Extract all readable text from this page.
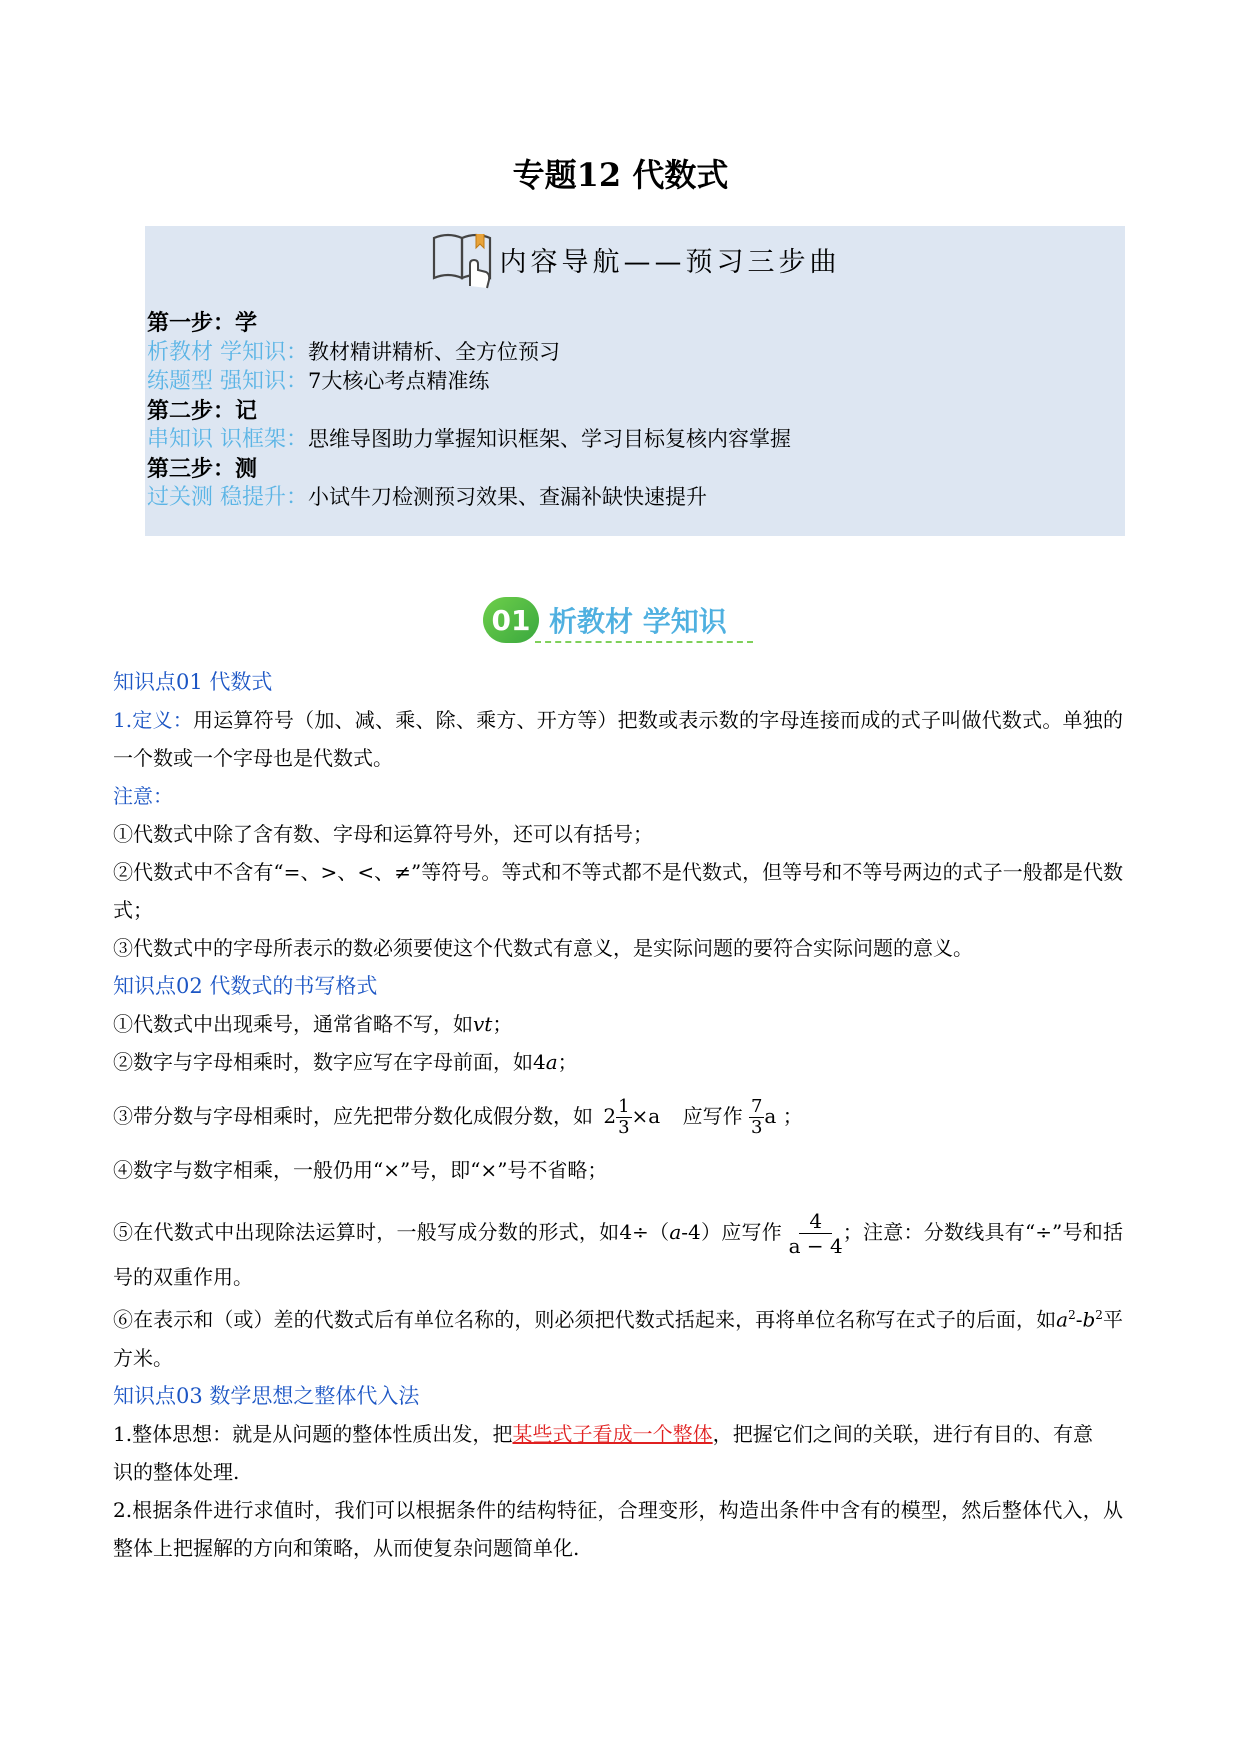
专题12 代数式
内容导航——预习三步曲
第一步：学
析教材 学知识：教材精讲精析、全方位预习
练题型 强知识：7大核心考点精准练
第二步：记
串知识 识框架：思维导图助力掌握知识框架、学习目标复核内容掌握
第三步：测
过关测 稳提升：小试牛刀检测预习效果、查漏补缺快速提升
01 析教材 学知识

知识点01 代数式

1.定义：用运算符号（加、减、乘、除、乘方、开方等）把数或表示数的字母连接而成的式子叫做代数式。单独的一个数或一个字母也是代数式。

注意：

①代数式中除了含有数、字母和运算符号外，还可以有括号；

②代数式中不含有“=、>、<、≠”等符号。等式和不等式都不是代数式，但等号和不等号两边的式子一般都是代数式；

③代数式中的字母所表示的数必须要使这个代数式有意义，是实际问题的要符合实际问题的意义。

知识点02 代数式的书写格式

①代数式中出现乘号，通常省略不写，如vt；

②数字与字母相乘时，数字应写在字母前面，如4a；

③带分数与字母相乘时，应先把带分数化成假分数，如 $2 \frac{1}{3} \times a$ 应写作 $\frac{7}{3}$ a ；

④数字与数字相乘，一般仍用“×”号，即“×”号不省略；

⑤在代数式中出现除法运算时，一般写成分数的形式，如4÷（a-4）应写作 $\frac{4}{a - 4}$ ；注意：分数线具有“÷”号和括号的双重作用。

⑥在表示和（或）差的代数式后有单位名称的，则必须把代数式括起来，再将单位名称写在式子的后面，如$a^2-b^2$平方米。

知识点03 数学思想之整体代入法

1.整体思想：就是从问题的整体性质出发，把某些式子看成一个整体，把握它们之间的关联，进行有目的、有意识的整体处理.

2.根据条件进行求值时，我们可以根据条件的结构特征，合理变形，构造出条件中含有的模型，然后整体代入，从整体上把握解的方向和策略，从而使复杂问题简单化.
